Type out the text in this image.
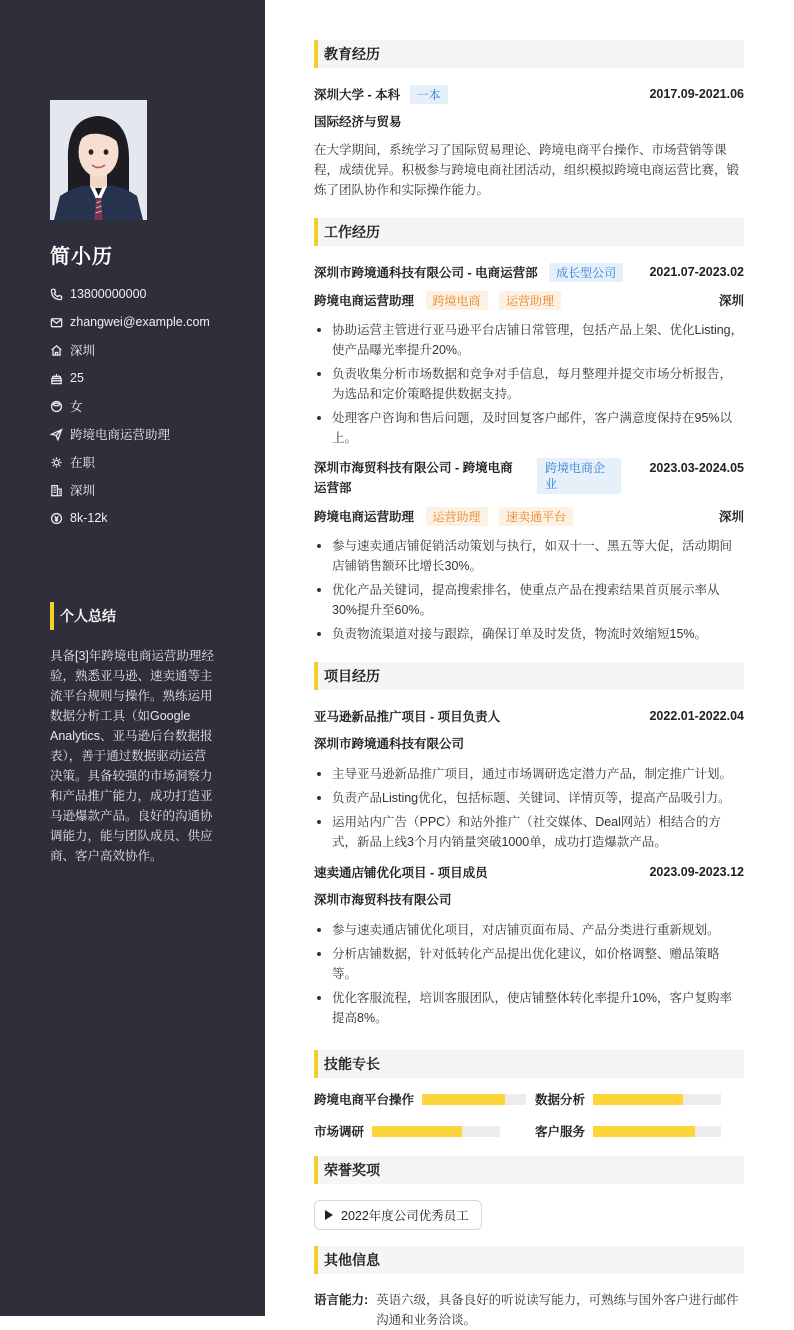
简小历
13800000000
zhangwei@example.com
深圳
25
女
跨境电商运营助理
在职
深圳
8k-12k
个人总结
具备[3]年跨境电商运营助理经验，熟悉亚马逊、速卖通等主流平台规则与操作。熟练运用数据分析工具（如Google Analytics、亚马逊后台数据报表），善于通过数据驱动运营决策。具备较强的市场洞察力和产品推广能力，成功打造亚马逊爆款产品。良好的沟通协调能力，能与团队成员、供应商、客户高效协作。
教育经历
深圳大学 - 本科 一本	2017.09-2021.06
国际经济与贸易
在大学期间，系统学习了国际贸易理论、跨境电商平台操作、市场营销等课程，成绩优异。积极参与跨境电商社团活动，组织模拟跨境电商运营比赛，锻炼了团队协作和实际操作能力。
工作经历
深圳市跨境通科技有限公司 - 电商运营部 成长型公司	2021.07-2023.02
跨境电商运营助理 跨境电商 运营助理	深圳
协助运营主管进行亚马逊平台店铺日常管理，包括产品上架、优化Listing，使产品曝光率提升20%。
负责收集分析市场数据和竞争对手信息，每月整理并提交市场分析报告，为选品和定价策略提供数据支持。
处理客户咨询和售后问题，及时回复客户邮件，客户满意度保持在95%以上。
深圳市海贸科技有限公司 - 跨境电商运营部
跨境电商企业
2023.03-2024.05
跨境电商运营助理 运营助理 速卖通平台	深圳
参与速卖通店铺促销活动策划与执行，如双十一、黑五等大促，活动期间店铺销售额环比增长30%。
优化产品关键词，提高搜索排名，使重点产品在搜索结果首页展示率从30%提升至60%。
负责物流渠道对接与跟踪，确保订单及时发货，物流时效缩短15%。
项目经历
亚马逊新品推广项目 - 项目负责人	2022.01-2022.04
深圳市跨境通科技有限公司
主导亚马逊新品推广项目，通过市场调研选定潜力产品，制定推广计划。
负责产品Listing优化，包括标题、关键词、详情页等，提高产品吸引力。
运用站内广告（PPC）和站外推广（社交媒体、Deal网站）相结合的方式，新品上线3个月内销量突破1000单，成功打造爆款产品。
速卖通店铺优化项目 - 项目成员	2023.09-2023.12
深圳市海贸科技有限公司
参与速卖通店铺优化项目，对店铺页面布局、产品分类进行重新规划。
分析店铺数据，针对低转化产品提出优化建议，如价格调整、赠品策略等。
优化客服流程，培训客服团队，使店铺整体转化率提升10%，客户复购率提高8%。
技能专长
跨境电商平台操作	数据分析
市场调研	客户服务
荣誉奖项
2022年度公司优秀员工
其他信息
语言能力: 英语六级，具备良好的听说读写能力，可熟练与国外客户进行邮件沟通和业务洽谈。
